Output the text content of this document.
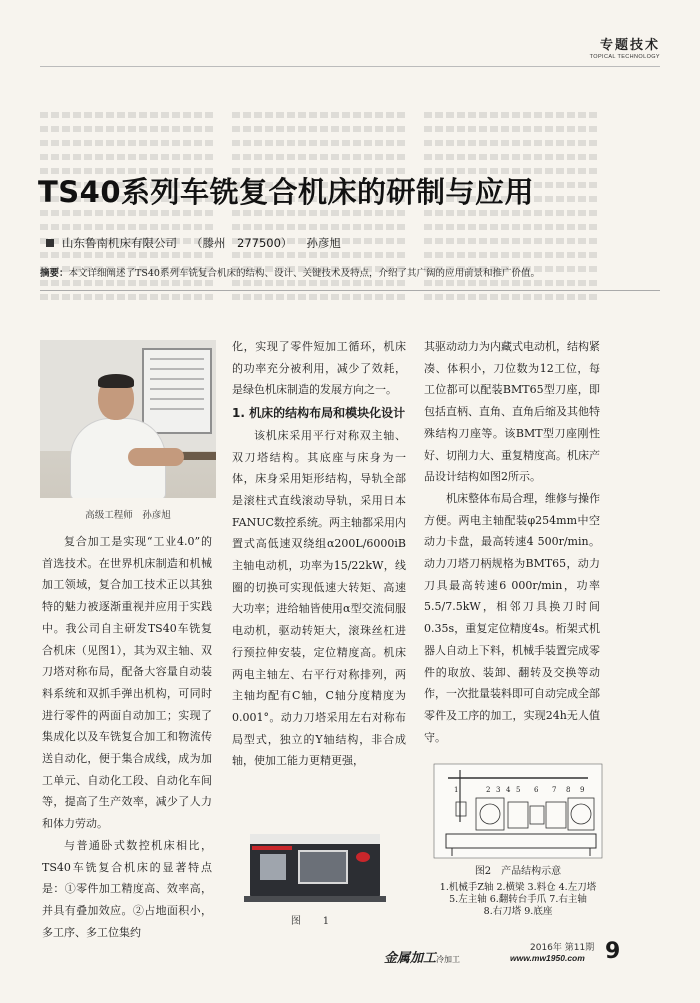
专题技术
TOPICAL TECHNOLOGY
TS40系列车铣复合机床的研制与应用
山东鲁南机床有限公司 （滕州　277500） 孙彦旭
摘要：本文详细阐述了TS40系列车铣复合机床的结构、设计、关键技术及特点，介绍了其广阔的应用前景和推广价值。
高级工程师　孙彦旭

复合加工是实现“工业4.0”的首选技术。在世界机床制造和机械加工领域，复合加工技术正以其独特的魅力被逐渐重视并应用于实践中。我公司自主研发TS40车铣复合机床（见图1），其为双主轴、双刀塔对称布局，配备大容量自动装料系统和双抓手弹出机构，可同时进行零件的两面自动加工；实现了集成化以及车铣复合加工和物流传送自动化，便于集合成线，成为加工单元、自动化工段、自动化车间等，提高了生产效率，减少了人力和体力劳动。

与普通卧式数控机床相比，TS40车铣复合机床的显著特点是：①零件加工精度高、效率高，并具有叠加效应。②占地面积小，多工序、多工位集约

化，实现了零件短加工循环，机床的功率充分被利用，减少了效耗，是绿色机床制造的发展方向之一。

1. 机床的结构布局和模块化设计

该机床采用平行对称双主轴、双刀塔结构。其底座与床身为一体，床身采用矩形结构，导轨全部是滚柱式直线滚动导轨，采用日本FANUC数控系统。两主轴都采用内置式高低速双绕组α200L/6000iB主轴电动机，功率为15/22kW，线圈的切换可实现低速大转矩、高速大功率；进给轴皆使用α型交流伺服电动机，驱动转矩大，滚珠丝杠进行预拉伸安装，定位精度高。机床两电主轴左、右平行对称排列，两主轴均配有C轴，C轴分度精度为0.001°。动力刀塔采用左右对称布局型式，独立的Y轴结构，非合成轴，使加工能力更精更强，

其驱动动力为内藏式电动机，结构紧凑、体积小，刀位数为12工位，每工位都可以配装BMT65型刀座，即包括直柄、直角、直角后缩及其他特殊结构刀座等。该BMT型刀座刚性好、切削力大、重复精度高。机床产品设计结构如图2所示。

机床整体布局合理，维修与操作方便。两电主轴配装φ254mm中空动力卡盘，最高转速4 500r/min。动力刀塔刀柄规格为BMT65，动力刀具最高转速6 000r/min，功率5.5/7.5kW，相邻刀具换刀时间0.35s，重复定位精度4s。桁架式机器人自动上下料，机械手装置完成零件的取放、装卸、翻转及交换等动作，一次批量装料即可自动完成全部零件及工序的加工，实现24h无人值守。

图　1
1	2 3 4 5 6 7 8 9
图2　产品结构示意
1.机械手Z轴 2.横梁 3.料仓 4.左刀塔
5.左主轴 6.翻转台手爪 7.右主轴
8.右刀塔 9.底座
金属加工冷加工
2016年 第11期
www.mw1950.com 9
